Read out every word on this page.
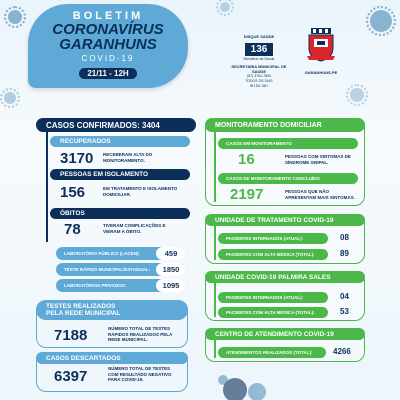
BOLETIM
CORONAVÍRUS
GARANHUNS
COVID-19
21/11 - 12H
DISQUE SAÚDE
136
Ministério da Saúde
SECRETARIA MUNICIPAL DE SAÚDE
(87) 3762-7800
TODOS OS DIAS
8H ÀS 18H
GARANHUNS-PE
CASOS CONFIRMADOS: 3404
RECUPERADOS
3170 RECEBERAM ALTA DO MONITORAMENTO.
PESSOAS EM ISOLAMENTO
156	EM TRATAMENTO E ISOLAMENTO DOMICILIAR.
ÓBITOS
78	TIVERAM COMPLICAÇÕES E VIERAM A ÓBITO.
LABORATÓRIO PÚBLICO (LACEN):	459
TESTE RÁPIDO MUNICIPAL/ESTADUAL:	1850
LABORATÓRIOS PRIVADOS:	1095
TESTES REALIZADOS
PELA REDE MUNICIPAL
7188	NÚMERO TOTAL DE TESTES RÁPIDOS REALIZADOS PELA REDE MUNICIPAL.
CASOS DESCARTADOS
6397	NÚMERO TOTAL DE TESTES COM RESULTADO NEGATIVO PARA COVID-19.
MONITORAMENTO DOMICILIAR
CASOS EM MONITORAMENTO
16	PESSOAS COM SINTOMAS DE SÍNDROME GRIPAL.
CASOS DE MONITORAMENTO CONCLUÍDO
2197	PESSOAS QUE NÃO APRESENTAM MAIS SINTOMAS.
UNIDADE DE TRATAMENTO COVID-19
PACIENTES INTERNADOS (ATUAL):	08
PACIENTES COM ALTA MÉDICA (TOTAL):	89
UNIDADE COVID-19 PALMIRA SALES
PACIENTES INTERNADOS (ATUAL):	04
PACIENTES COM ALTA MÉDICA (TOTAL):	53
CENTRO DE ATENDIMENTO COVID-19
ATENDIMENTOS REALIZADOS (TOTAL):	4266
